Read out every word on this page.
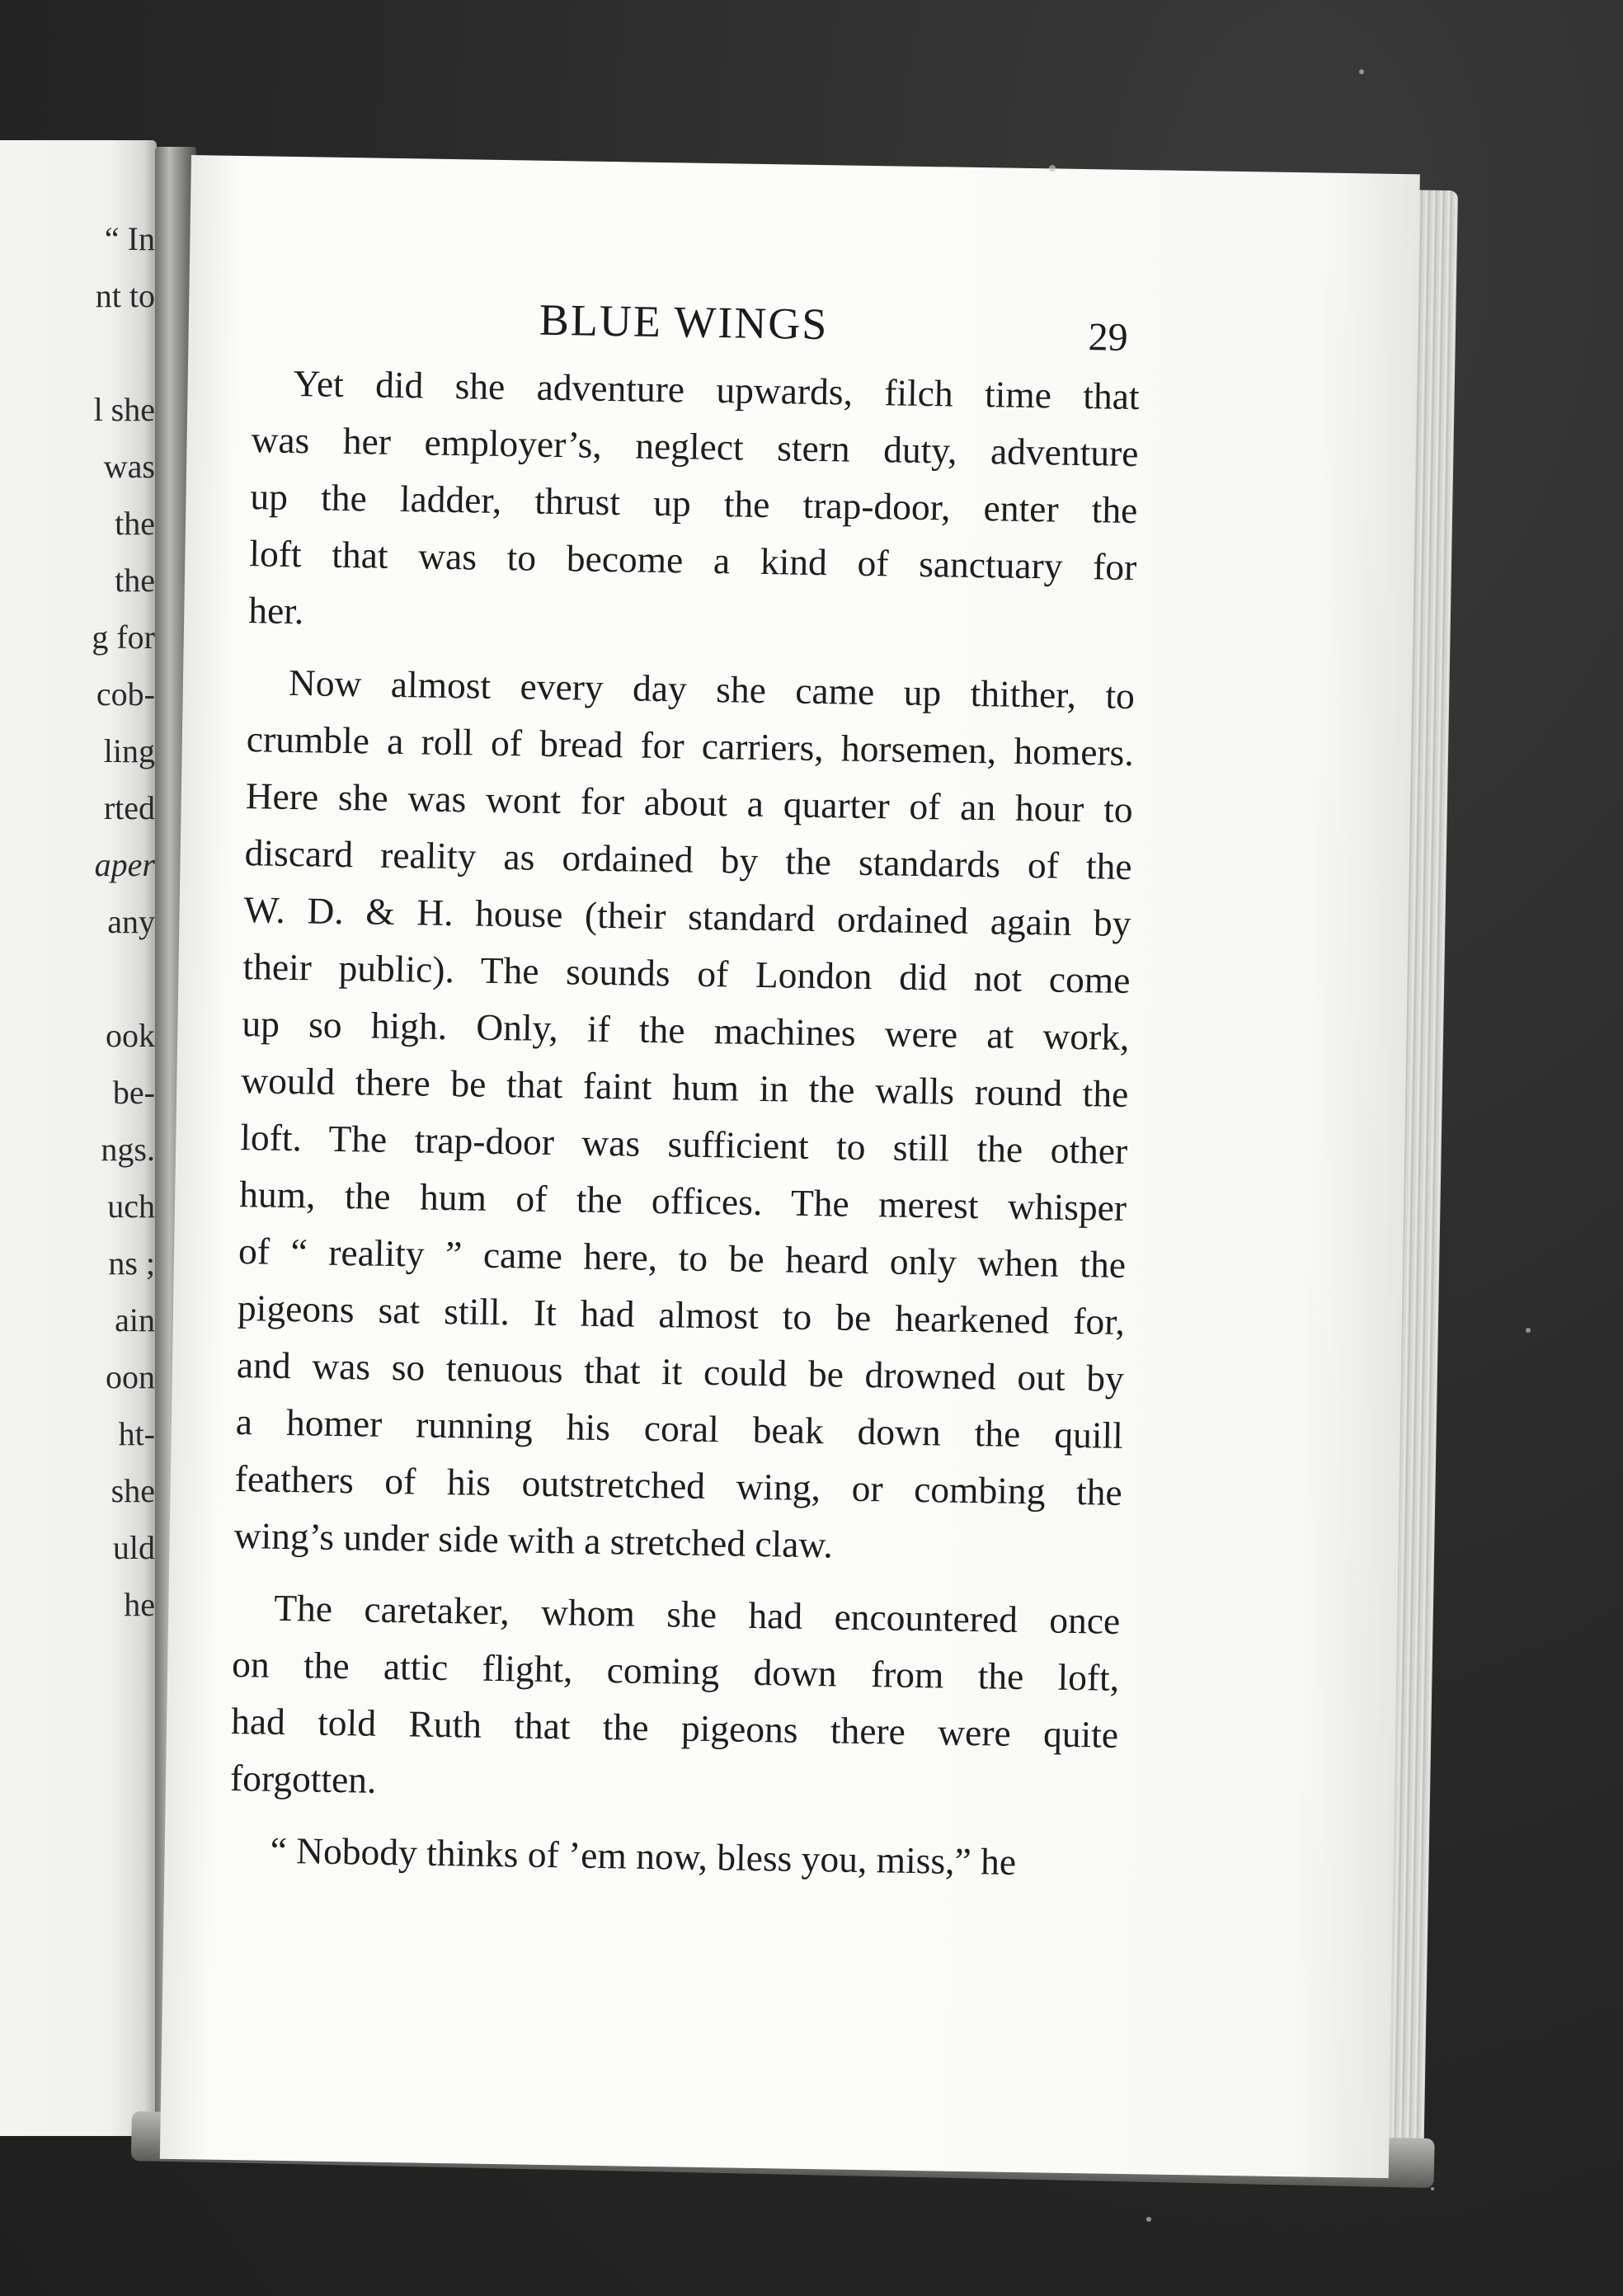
“ In
nt to
l she
was
the
the
g for
cob-
ling
rted
aper
any
ook
be-
ngs.
uch
ns ;
ain
oon
ht-
she
uld
he
BLUE WINGS	29
Yet did she adventure upwards, filch time that
was her employer’s, neglect stern duty, adventure
up the ladder, thrust up the trap-door, enter the
loft that was to become a kind of sanctuary for
her.
Now almost every day she came up thither, to
crumble a roll of bread for carriers, horsemen, homers.
Here she was wont for about a quarter of an hour to
discard reality as ordained by the standards of the
W. D. & H. house (their standard ordained again by
their public). The sounds of London did not come
up so high. Only, if the machines were at work,
would there be that faint hum in the walls round the
loft. The trap-door was sufficient to still the other
hum, the hum of the offices. The merest whisper
of “ reality ” came here, to be heard only when the
pigeons sat still. It had almost to be hearkened for,
and was so tenuous that it could be drowned out by
a homer running his coral beak down the quill
feathers of his outstretched wing, or combing the
wing’s under side with a stretched claw.
The caretaker, whom she had encountered once
on the attic flight, coming down from the loft,
had told Ruth that the pigeons there were quite
forgotten.
“ Nobody thinks of ’em now, bless you, miss,” he
